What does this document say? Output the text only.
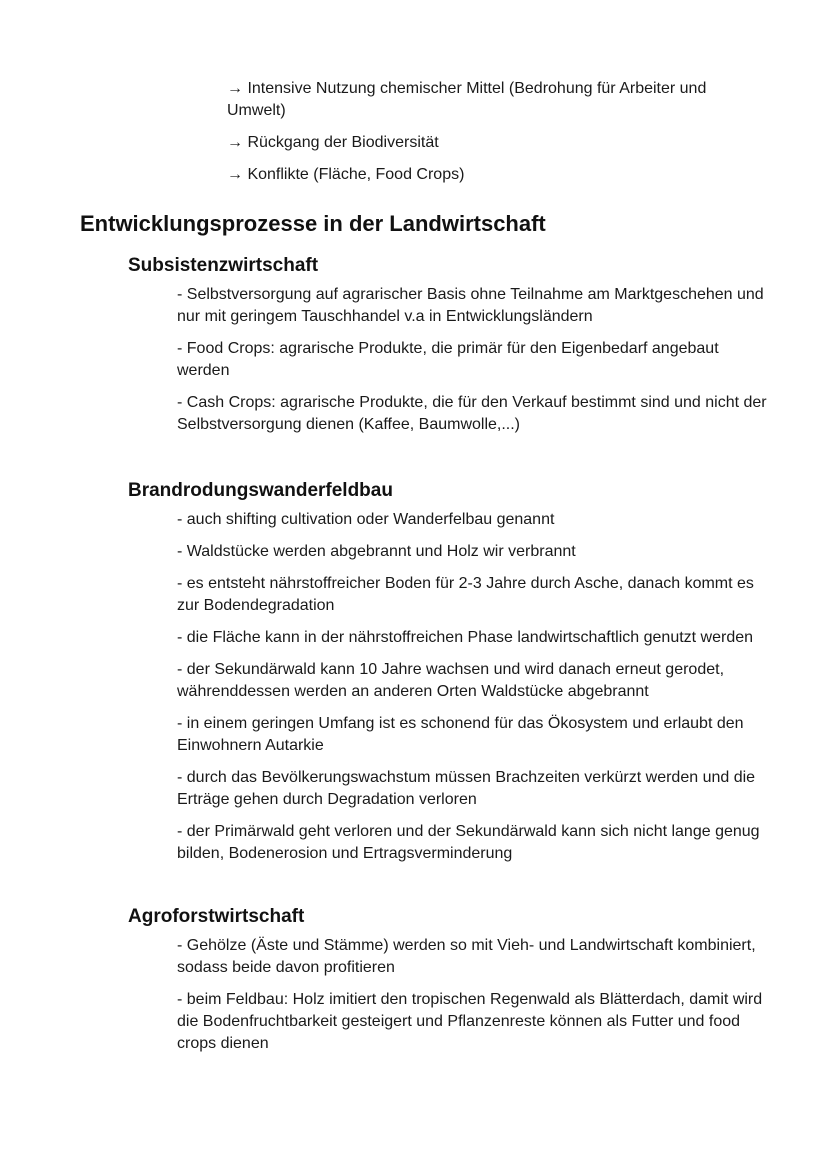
→ Intensive Nutzung chemischer Mittel (Bedrohung für Arbeiter und Umwelt)

→ Rückgang der Biodiversität

→ Konflikte (Fläche, Food Crops)

Entwicklungsprozesse in der Landwirtschaft
Subsistenzwirtschaft

- Selbstversorgung auf agrarischer Basis ohne Teilnahme am Marktgeschehen und nur mit geringem Tauschhandel v.a in Entwicklungsländern

- Food Crops: agrarische Produkte, die primär für den Eigenbedarf angebaut werden

- Cash Crops: agrarische Produkte, die für den Verkauf bestimmt sind und nicht der Selbstversorgung dienen (Kaffee, Baumwolle,...)

Brandrodungswanderfeldbau

- auch shifting cultivation oder Wanderfelbau genannt

- Waldstücke werden abgebrannt und Holz wir verbrannt

- es entsteht nährstoffreicher Boden für 2-3 Jahre durch Asche, danach kommt es zur Bodendegradation

- die Fläche kann in der nährstoffreichen Phase landwirtschaftlich genutzt werden

- der Sekundärwald kann 10 Jahre wachsen und wird danach erneut gerodet, währenddessen werden an anderen Orten Waldstücke abgebrannt

- in einem geringen Umfang ist es schonend für das Ökosystem und erlaubt den Einwohnern Autarkie

- durch das Bevölkerungswachstum müssen Brachzeiten verkürzt werden und die Erträge gehen durch Degradation verloren

- der Primärwald geht verloren und der Sekundärwald kann sich nicht lange genug bilden, Bodenerosion und Ertragsverminderung

Agroforstwirtschaft

- Gehölze (Äste und Stämme) werden so mit Vieh- und Landwirtschaft kombiniert, sodass beide davon profitieren

- beim Feldbau: Holz imitiert den tropischen Regenwald als Blätterdach, damit wird die Bodenfruchtbarkeit gesteigert und Pflanzenreste können als Futter und food crops dienen
